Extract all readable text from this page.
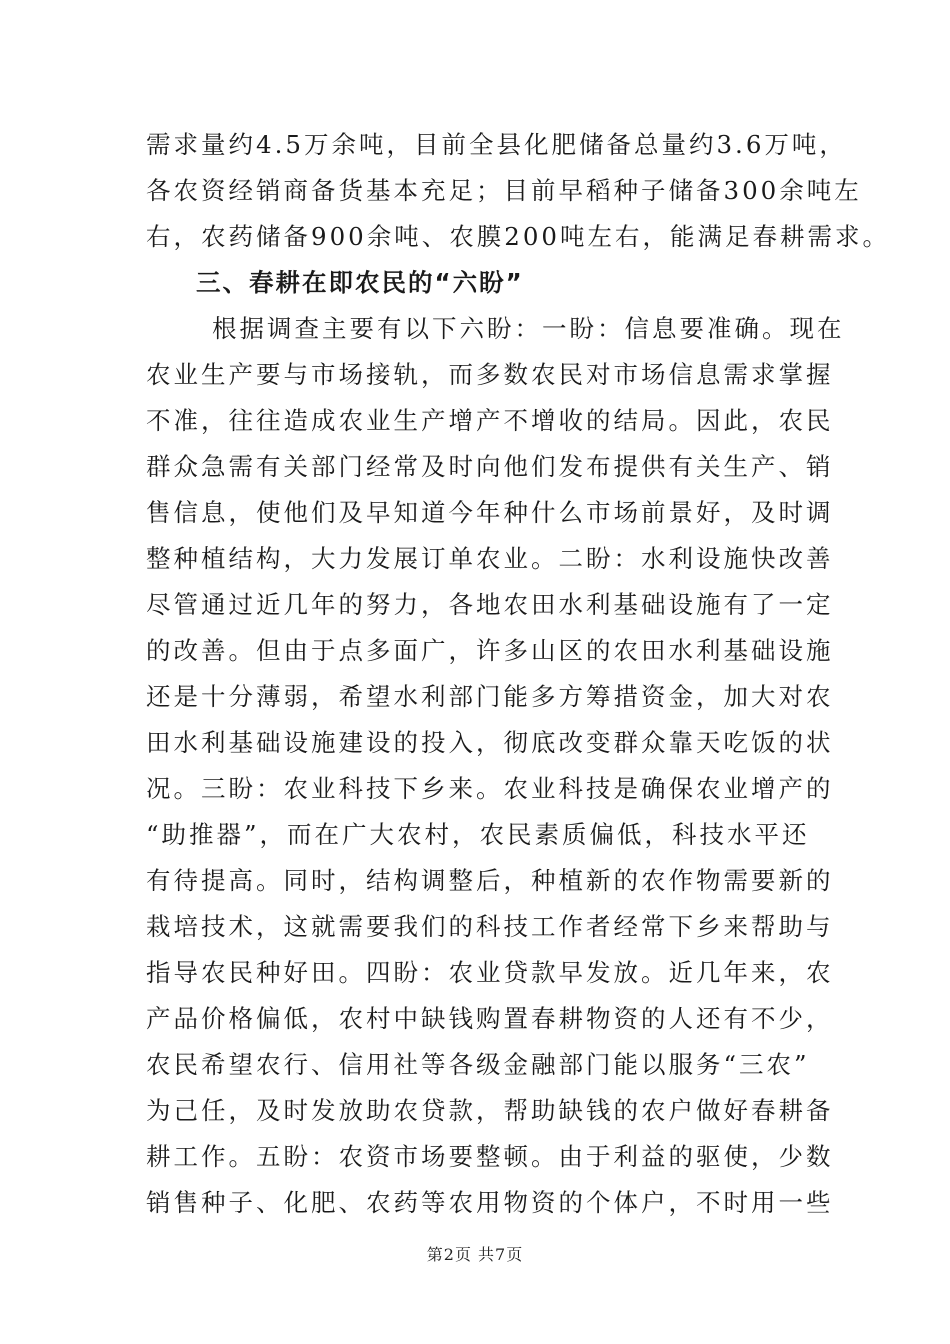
需求量约4.5万余吨，目前全县化肥储备总量约3.6万吨，
各农资经销商备货基本充足；目前早稻种子储备300余吨左
右，农药储备900余吨、农膜200吨左右，能满足春耕需求。
三、春耕在即农民的“六盼”
根据调查主要有以下六盼：一盼：信息要准确。现在
农业生产要与市场接轨，而多数农民对市场信息需求掌握
不准，往往造成农业生产增产不增收的结局。因此，农民
群众急需有关部门经常及时向他们发布提供有关生产、销
售信息，使他们及早知道今年种什么市场前景好，及时调
整种植结构，大力发展订单农业。二盼：水利设施快改善
尽管通过近几年的努力，各地农田水利基础设施有了一定
的改善。但由于点多面广，许多山区的农田水利基础设施
还是十分薄弱，希望水利部门能多方筹措资金，加大对农
田水利基础设施建设的投入，彻底改变群众靠天吃饭的状
况。三盼：农业科技下乡来。农业科技是确保农业增产的
“助推器”，而在广大农村，农民素质偏低，科技水平还
有待提高。同时，结构调整后，种植新的农作物需要新的
栽培技术，这就需要我们的科技工作者经常下乡来帮助与
指导农民种好田。四盼：农业贷款早发放。近几年来，农
产品价格偏低，农村中缺钱购置春耕物资的人还有不少，
农民希望农行、信用社等各级金融部门能以服务“三农”
为己任，及时发放助农贷款，帮助缺钱的农户做好春耕备
耕工作。五盼：农资市场要整顿。由于利益的驱使，少数
销售种子、化肥、农药等农用物资的个体户，不时用一些
第2页 共7页
